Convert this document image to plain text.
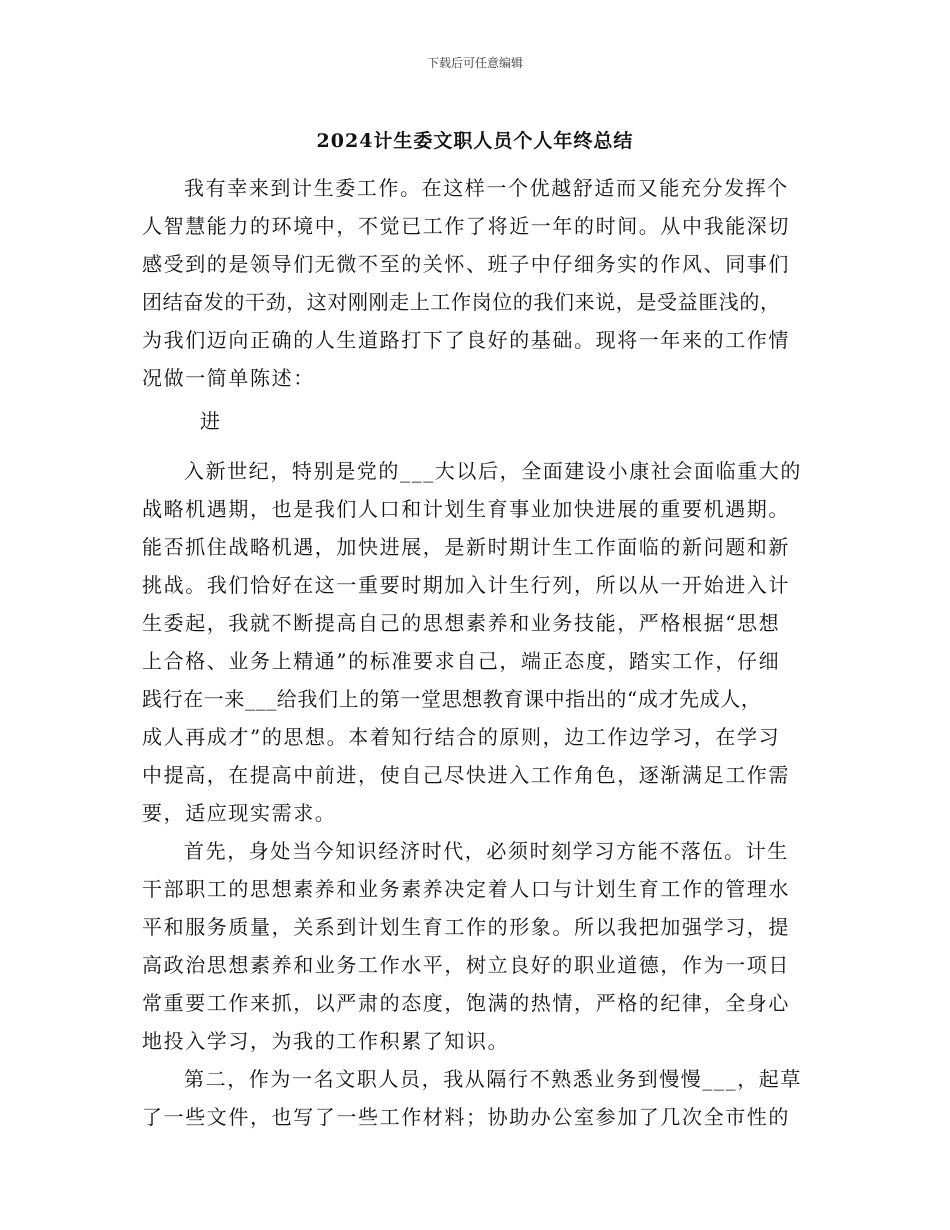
下载后可任意编辑
2024计生委文职人员个人年终总结
我有幸来到计生委工作。在这样一个优越舒适而又能充分发挥个
人智慧能力的环境中，不觉已工作了将近一年的时间。从中我能深切
感受到的是领导们无微不至的关怀、班子中仔细务实的作风、同事们
团结奋发的干劲，这对刚刚走上工作岗位的我们来说，是受益匪浅的，
为我们迈向正确的人生道路打下了良好的基础。现将一年来的工作情
况做一简单陈述：
进
入新世纪，特别是党的___大以后，全面建设小康社会面临重大的
战略机遇期，也是我们人口和计划生育事业加快进展的重要机遇期。
能否抓住战略机遇，加快进展，是新时期计生工作面临的新问题和新
挑战。我们恰好在这一重要时期加入计生行列，所以从一开始进入计
生委起，我就不断提高自己的思想素养和业务技能，严格根据“思想
上合格、业务上精通”的标准要求自己，端正态度，踏实工作，仔细
践行在一来___给我们上的第一堂思想教育课中指出的“成才先成人，
成人再成才”的思想。本着知行结合的原则，边工作边学习，在学习
中提高，在提高中前进，使自己尽快进入工作角色，逐渐满足工作需
要，适应现实需求。
首先，身处当今知识经济时代，必须时刻学习方能不落伍。计生
干部职工的思想素养和业务素养决定着人口与计划生育工作的管理水
平和服务质量，关系到计划生育工作的形象。所以我把加强学习，提
高政治思想素养和业务工作水平，树立良好的职业道德，作为一项日
常重要工作来抓，以严肃的态度，饱满的热情，严格的纪律，全身心
地投入学习，为我的工作积累了知识。
第二，作为一名文职人员，我从隔行不熟悉业务到慢慢___，起草
了一些文件，也写了一些工作材料；协助办公室参加了几次全市性的
